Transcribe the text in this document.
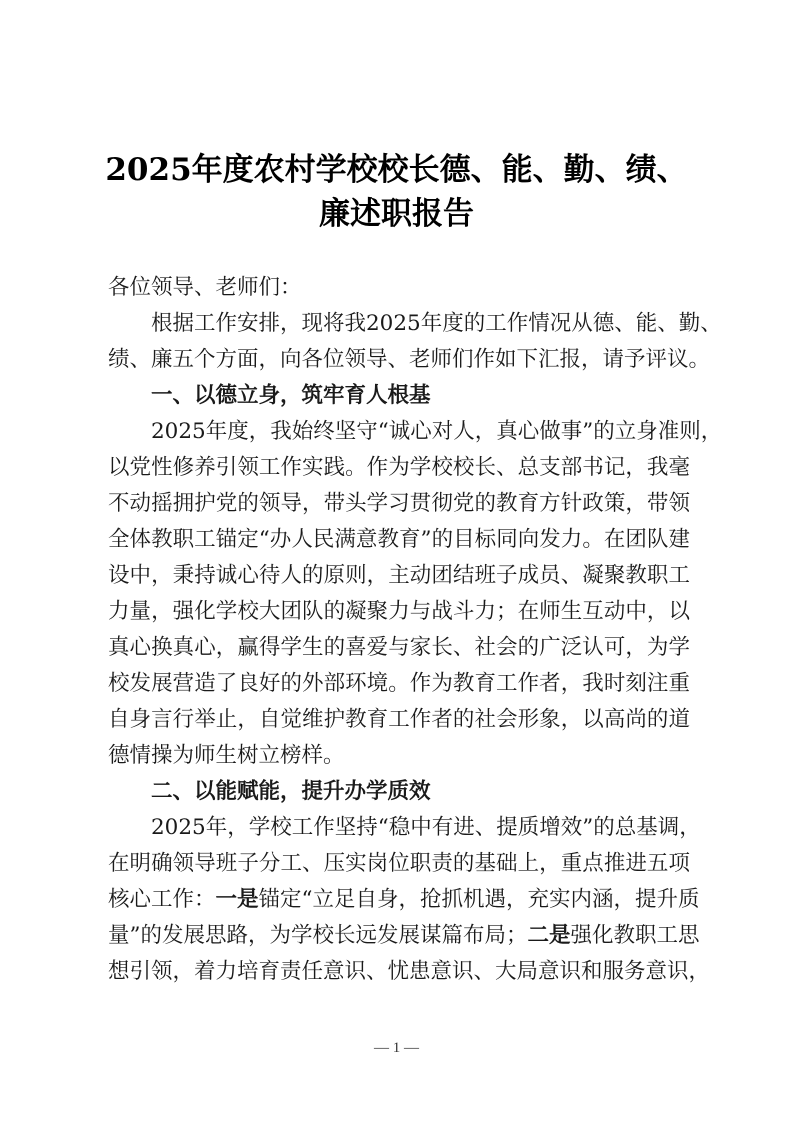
2025年度农村学校校长德、能、勤、绩、
廉述职报告
各位领导、老师们：
根据工作安排，现将我2025年度的工作情况从德、能、勤、
绩、廉五个方面，向各位领导、老师们作如下汇报，请予评议。
一、以德立身，筑牢育人根基
2025年度，我始终坚守“诚心对人，真心做事”的立身准则，
以党性修养引领工作实践。作为学校校长、总支部书记，我毫
不动摇拥护党的领导，带头学习贯彻党的教育方针政策，带领
全体教职工锚定“办人民满意教育”的目标同向发力。在团队建
设中，秉持诚心待人的原则，主动团结班子成员、凝聚教职工
力量，强化学校大团队的凝聚力与战斗力；在师生互动中，以
真心换真心，赢得学生的喜爱与家长、社会的广泛认可，为学
校发展营造了良好的外部环境。作为教育工作者，我时刻注重
自身言行举止，自觉维护教育工作者的社会形象，以高尚的道
德情操为师生树立榜样。
二、以能赋能，提升办学质效
2025年，学校工作坚持“稳中有进、提质增效”的总基调，
在明确领导班子分工、压实岗位职责的基础上，重点推进五项
核心工作：一是锚定“立足自身，抢抓机遇，充实内涵，提升质
量”的发展思路，为学校长远发展谋篇布局；二是强化教职工思
想引领，着力培育责任意识、忧患意识、大局意识和服务意识，
— 1 —
